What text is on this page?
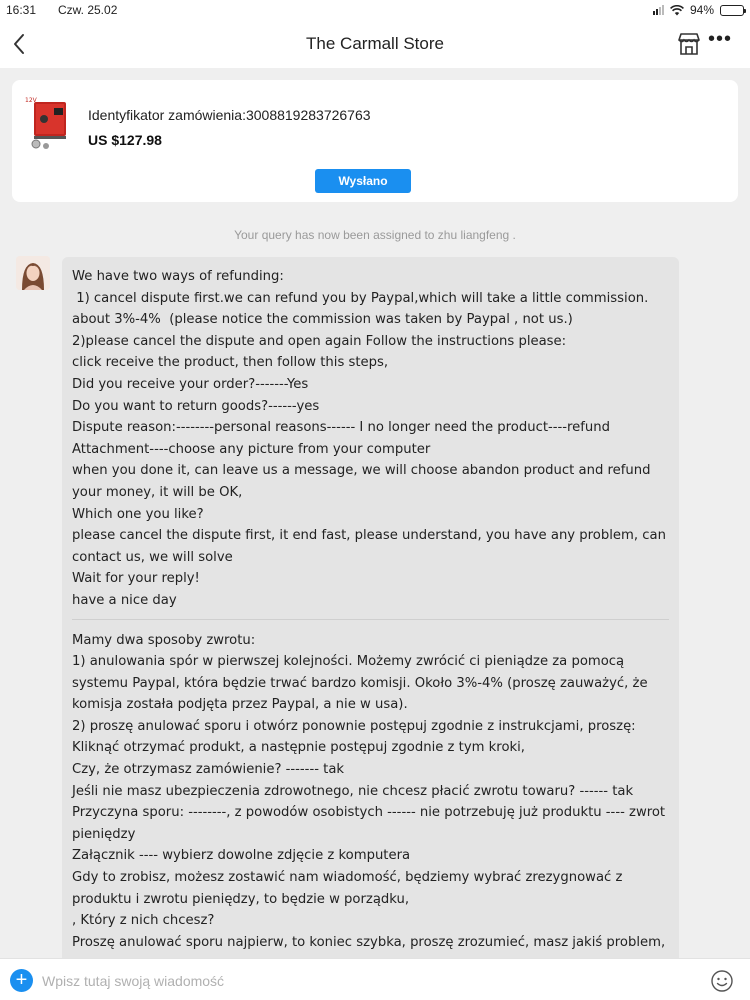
16:31 Czw. 25.02	94%
The Carmall Store	•••
12V
Identyfikator zamówienia:3008819283726763
US $127.98
Wysłano
Your query has now been assigned to zhu liangfeng .

We have two ways of refunding:

1) cancel dispute first.we can refund you by Paypal,which will take a little commission. about 3%-4%  (please notice the commission was taken by Paypal , not us.)

2)please cancel the dispute and open again Follow the instructions please:

click receive the product, then follow this steps,

Did you receive your order?-------Yes

Do you want to return goods?------yes

Dispute reason:--------personal reasons------ I no longer need the product----refund

Attachment----choose any picture from your computer

when you done it, can leave us a message, we will choose abandon product and refund your money, it will be OK,

Which one you like?

please cancel the dispute first, it end fast, please understand, you have any problem, can contact us, we will solve

Wait for your reply!

have a nice day

Mamy dwa sposoby zwrotu:

1) anulowania spór w pierwszej kolejności. Możemy zwrócić ci pieniądze za pomocą systemu Paypal, która będzie trwać bardzo komisji. Około 3%-4% (proszę zauważyć, że komisja została podjęta przez Paypal, a nie w usa).

2) proszę anulować sporu i otwórz ponownie postępuj zgodnie z instrukcjami, proszę:

Kliknąć otrzymać produkt, a następnie postępuj zgodnie z tym kroki,

Czy, że otrzymasz zamówienie? ------- tak

Jeśli nie masz ubezpieczenia zdrowotnego, nie chcesz płacić zwrotu towaru? ------ tak

Przyczyna sporu: --------, z powodów osobistych ------ nie potrzebuję już produktu ---- zwrot pieniędzy

Załącznik ---- wybierz dowolne zdjęcie z komputera

Gdy to zrobisz, możesz zostawić nam wiadomość, będziemy wybrać zrezygnować z produktu i zwrotu pieniędzy, to będzie w porządku,

, Który z nich chcesz?

Proszę anulować sporu najpierw, to koniec szybka, proszę zrozumieć, masz jakiś problem,

+
Wpisz tutaj swoją wiadomość
